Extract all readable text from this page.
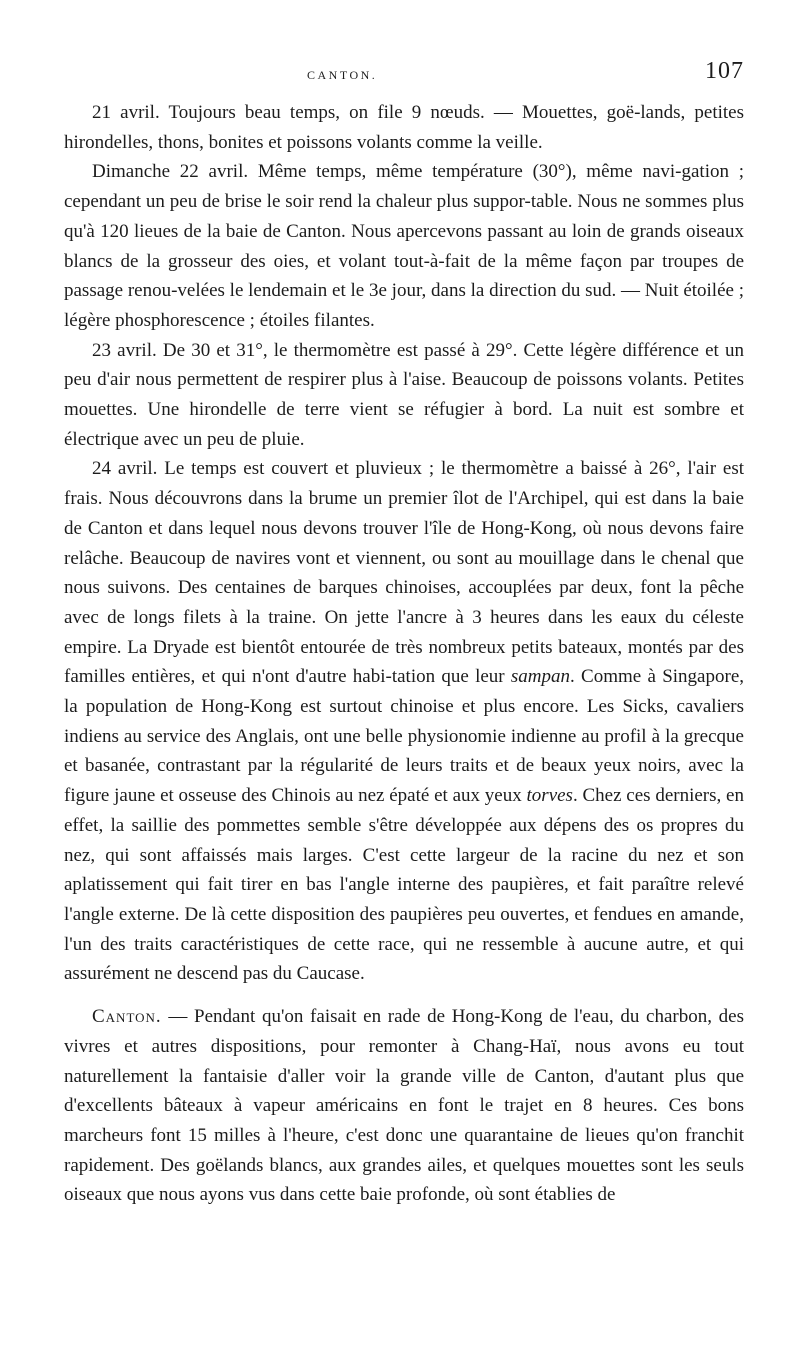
CANTON.	107

21 avril. Toujours beau temps, on file 9 nœuds. — Mouettes, goë-lands, petites hirondelles, thons, bonites et poissons volants comme la veille.

Dimanche 22 avril. Même temps, même température (30°), même navi-gation ; cependant un peu de brise le soir rend la chaleur plus suppor-table. Nous ne sommes plus qu'à 120 lieues de la baie de Canton. Nous apercevons passant au loin de grands oiseaux blancs de la grosseur des oies, et volant tout-à-fait de la même façon par troupes de passage renou-velées le lendemain et le 3e jour, dans la direction du sud. — Nuit étoilée ; légère phosphorescence ; étoiles filantes.

23 avril. De 30 et 31°, le thermomètre est passé à 29°. Cette légère différence et un peu d'air nous permettent de respirer plus à l'aise. Beaucoup de poissons volants. Petites mouettes. Une hirondelle de terre vient se réfugier à bord. La nuit est sombre et électrique avec un peu de pluie.

24 avril. Le temps est couvert et pluvieux ; le thermomètre a baissé à 26°, l'air est frais. Nous découvrons dans la brume un premier îlot de l'Archipel, qui est dans la baie de Canton et dans lequel nous devons trouver l'île de Hong-Kong, où nous devons faire relâche. Beaucoup de navires vont et viennent, ou sont au mouillage dans le chenal que nous suivons. Des centaines de barques chinoises, accouplées par deux, font la pêche avec de longs filets à la traine. On jette l'ancre à 3 heures dans les eaux du céleste empire. La Dryade est bientôt entourée de très nombreux petits bateaux, montés par des familles entières, et qui n'ont d'autre habi-tation que leur sampan. Comme à Singapore, la population de Hong-Kong est surtout chinoise et plus encore. Les Sicks, cavaliers indiens au service des Anglais, ont une belle physionomie indienne au profil à la grecque et basanée, contrastant par la régularité de leurs traits et de beaux yeux noirs, avec la figure jaune et osseuse des Chinois au nez épaté et aux yeux torves. Chez ces derniers, en effet, la saillie des pommettes semble s'être développée aux dépens des os propres du nez, qui sont affaissés mais larges. C'est cette largeur de la racine du nez et son aplatissement qui fait tirer en bas l'angle interne des paupières, et fait paraître relevé l'angle externe. De là cette disposition des paupières peu ouvertes, et fendues en amande, l'un des traits caractéristiques de cette race, qui ne ressemble à aucune autre, et qui assurément ne descend pas du Caucase.

Canton. — Pendant qu'on faisait en rade de Hong-Kong de l'eau, du charbon, des vivres et autres dispositions, pour remonter à Chang-Haï, nous avons eu tout naturellement la fantaisie d'aller voir la grande ville de Canton, d'autant plus que d'excellents bâteaux à vapeur américains en font le trajet en 8 heures. Ces bons marcheurs font 15 milles à l'heure, c'est donc une quarantaine de lieues qu'on franchit rapidement. Des goëlands blancs, aux grandes ailes, et quelques mouettes sont les seuls oiseaux que nous ayons vus dans cette baie profonde, où sont établies de
